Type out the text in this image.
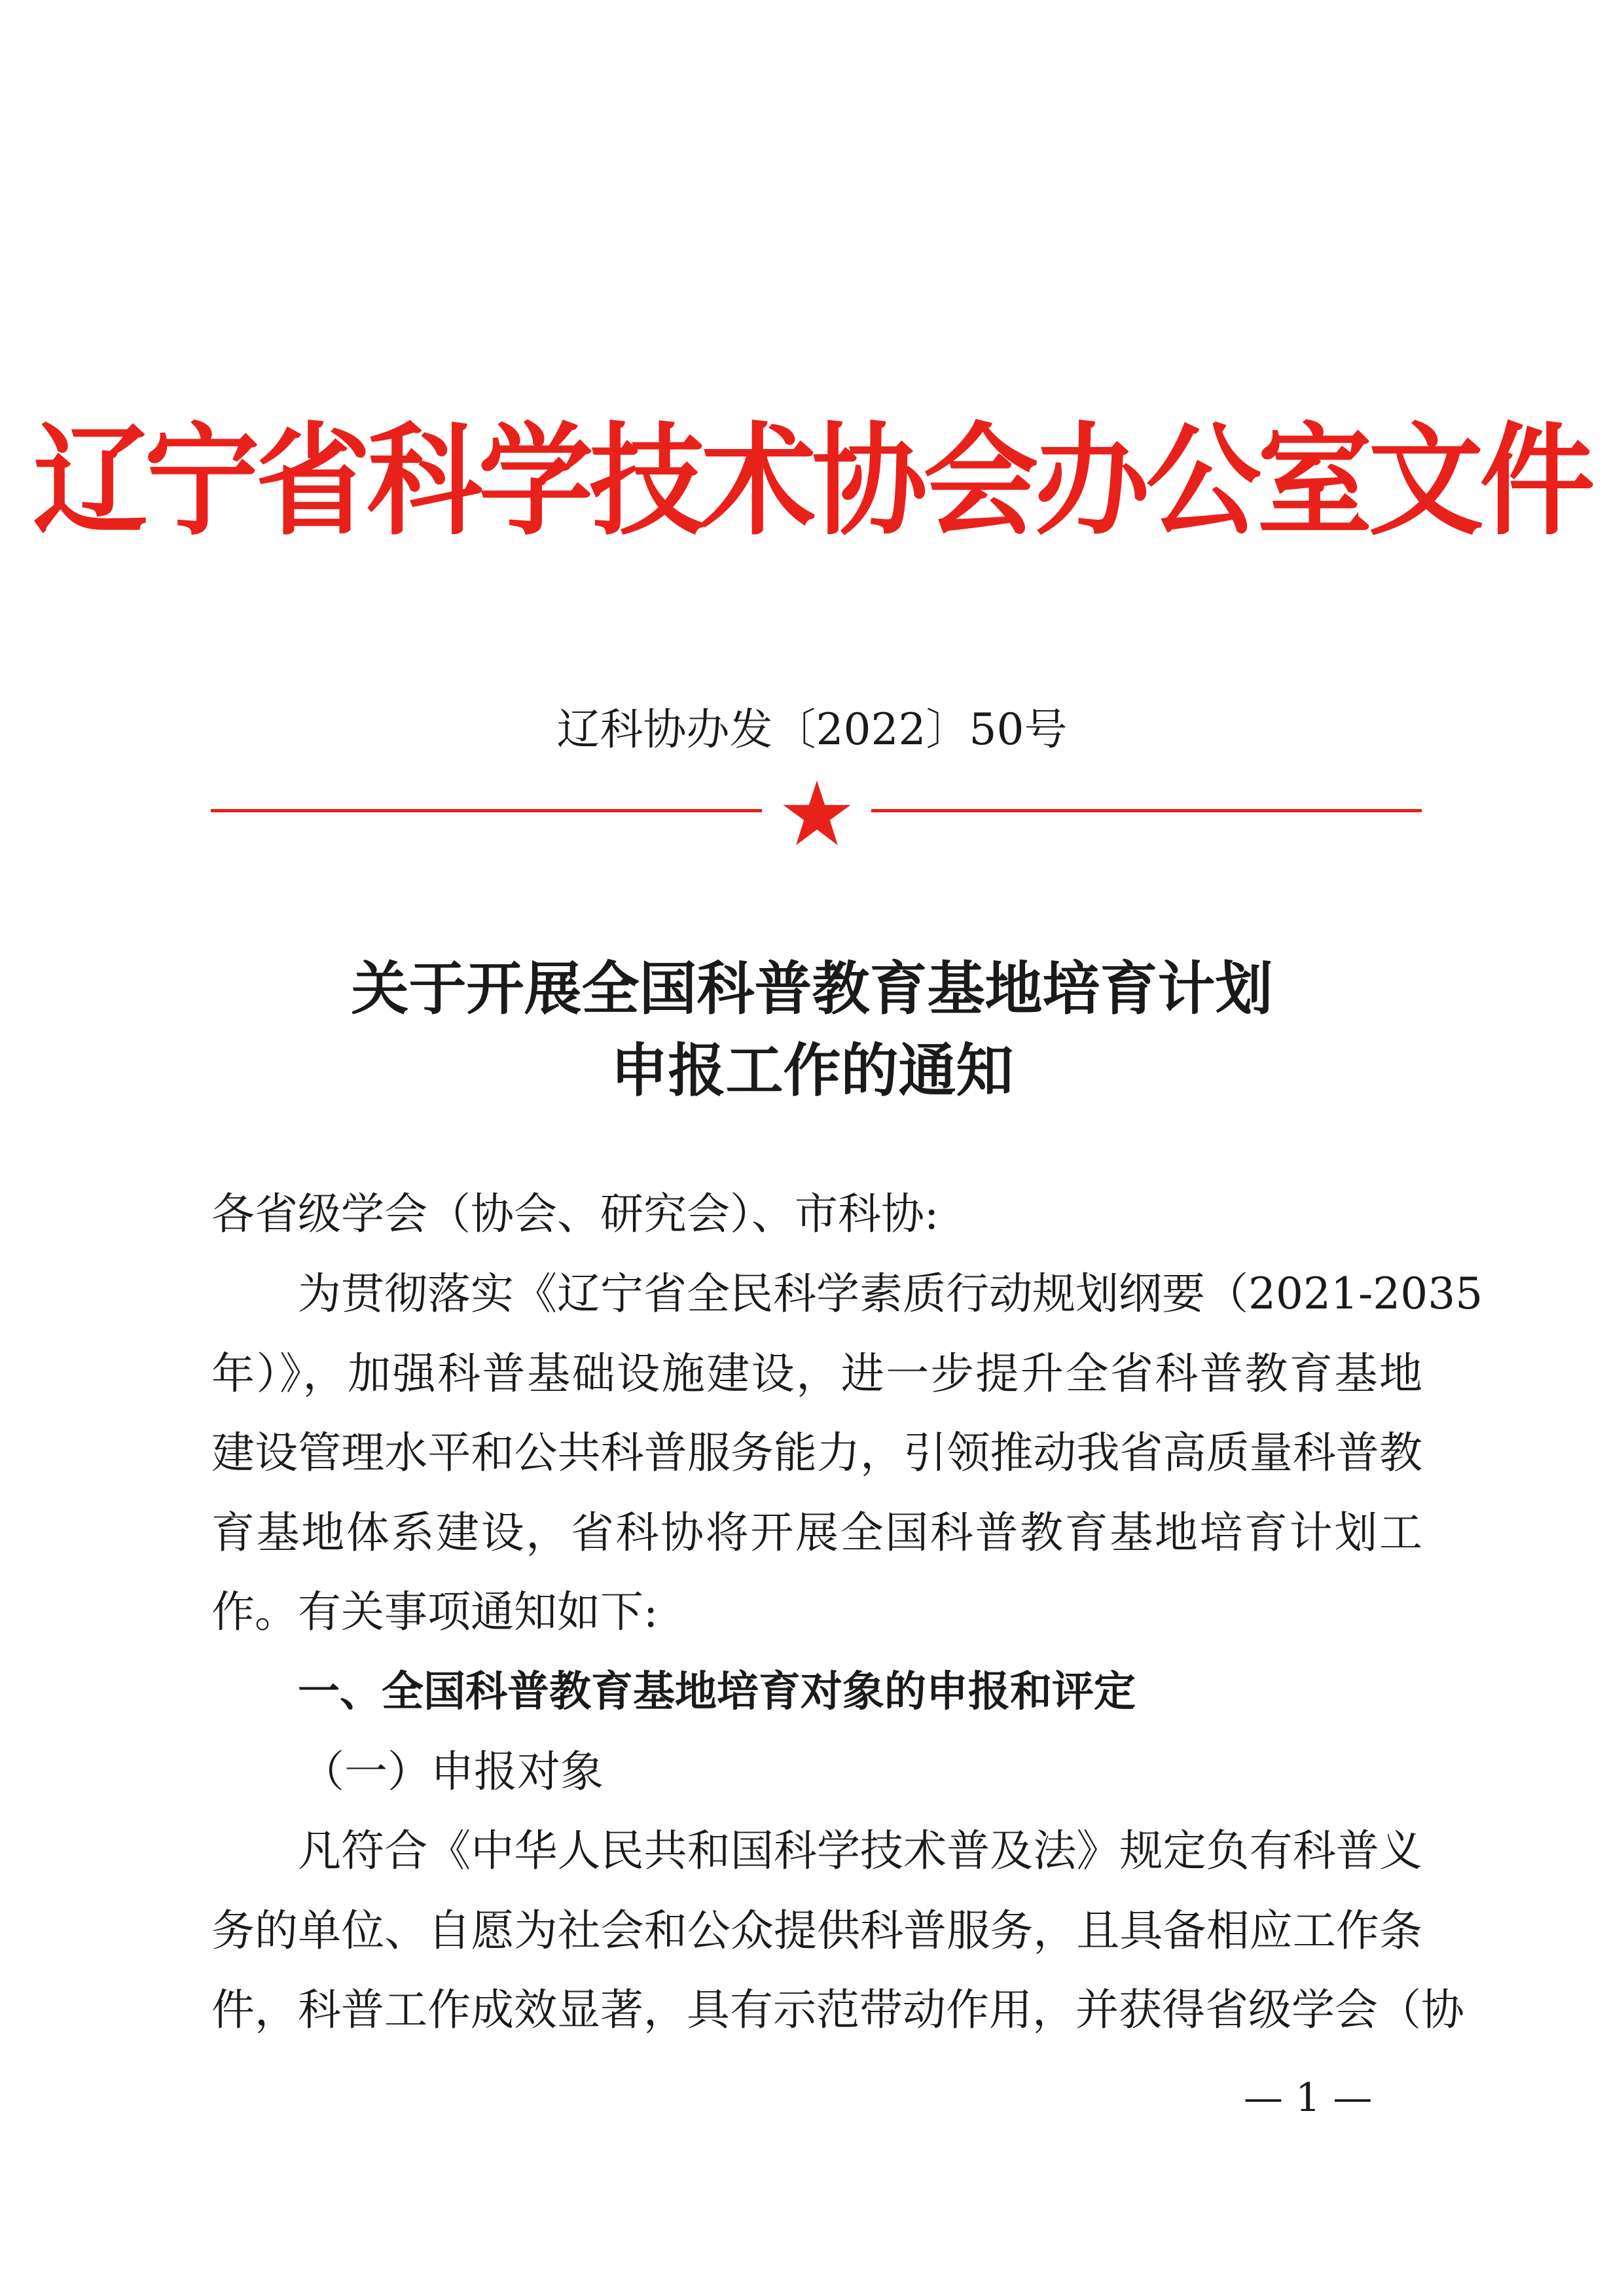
辽宁省科学技术协会办公室文件
辽科协办发〔2022〕50号
关于开展全国科普教育基地培育计划
申报工作的通知
各省级学会（协会、研究会）、市科协:
为贯彻落实《辽宁省全民科学素质行动规划纲要（2021-2035
年）》，加强科普基础设施建设，进一步提升全省科普教育基地
建设管理水平和公共科普服务能力，引领推动我省高质量科普教
育基地体系建设，省科协将开展全国科普教育基地培育计划工
作。有关事项通知如下:
一、全国科普教育基地培育对象的申报和评定
（一）申报对象
凡符合《中华人民共和国科学技术普及法》规定负有科普义
务的单位、自愿为社会和公众提供科普服务，且具备相应工作条
件，科普工作成效显著，具有示范带动作用，并获得省级学会（协
— 1 —
